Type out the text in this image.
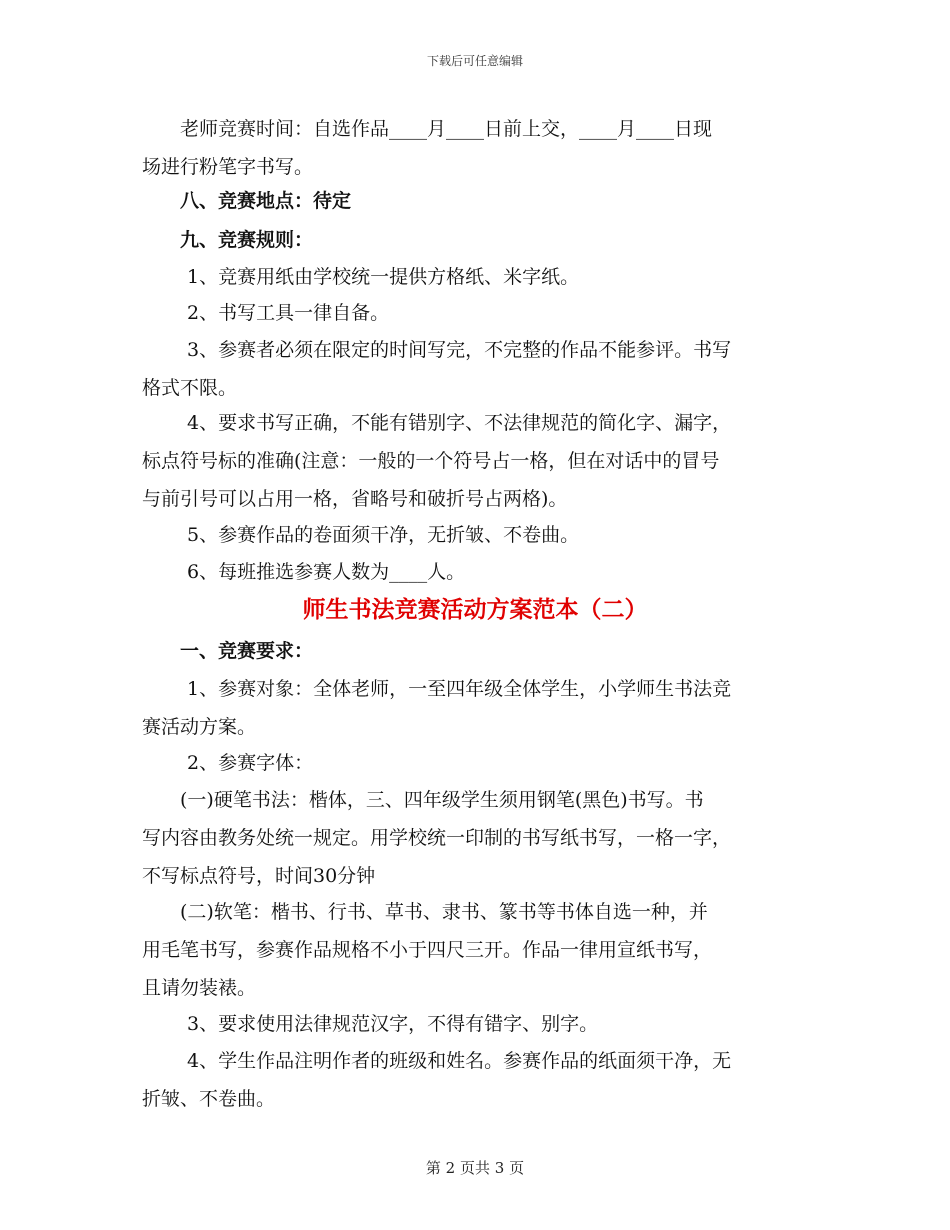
下载后可任意编辑

　　老师竞赛时间：自选作品____月____日前上交，____月____日现
场进行粉笔字书写。

　　八、竞赛地点：待定

　　九、竞赛规则：

1、竞赛用纸由学校统一提供方格纸、米字纸。

2、书写工具一律自备。

3、参赛者必须在限定的时间写完，不完整的作品不能参评。书写
格式不限。

4、要求书写正确，不能有错别字、不法律规范的简化字、漏字，
标点符号标的准确(注意：一般的一个符号占一格，但在对话中的冒号
与前引号可以占用一格，省略号和破折号占两格)。

5、参赛作品的卷面须干净，无折皱、不卷曲。

6、每班推选参赛人数为____人。

师生书法竞赛活动方案范本（二）

　　一、竞赛要求：

1、参赛对象：全体老师，一至四年级全体学生，小学师生书法竞
赛活动方案。

2、参赛字体：

　　(一)硬笔书法：楷体，三、四年级学生须用钢笔(黑色)书写。书
写内容由教务处统一规定。用学校统一印制的书写纸书写，一格一字，
不写标点符号，时间30分钟

　　(二)软笔：楷书、行书、草书、隶书、篆书等书体自选一种，并
用毛笔书写，参赛作品规格不小于四尺三开。作品一律用宣纸书写，
且请勿装裱。

3、要求使用法律规范汉字，不得有错字、别字。

4、学生作品注明作者的班级和姓名。参赛作品的纸面须干净，无
折皱、不卷曲。

第 2 页共 3 页
